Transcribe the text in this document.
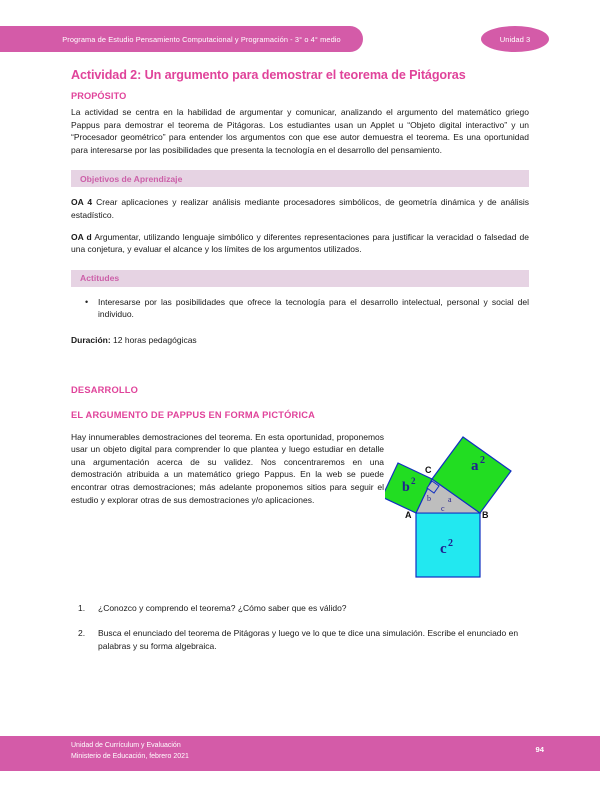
Programa de Estudio Pensamiento Computacional y Programación - 3° o 4° medio	Unidad 3
Actividad 2: Un argumento para demostrar el teorema de Pitágoras
PROPÓSITO

La actividad se centra en la habilidad de argumentar y comunicar, analizando el argumento del matemático griego Pappus para demostrar el teorema de Pitágoras. Los estudiantes usan un Applet u “Objeto digital interactivo” y un “Procesador geométrico” para entender los argumentos con que ese autor demuestra el teorema. Es una oportunidad para interesarse por las posibilidades que presenta la tecnología en el desarrollo del pensamiento.

Objetivos de Aprendizaje

OA 4 Crear aplicaciones y realizar análisis mediante procesadores simbólicos, de geometría dinámica y de análisis estadístico.

OA d Argumentar, utilizando lenguaje simbólico y diferentes representaciones para justificar la veracidad o falsedad de una conjetura, y evaluar el alcance y los límites de los argumentos utilizados.

Actitudes
• Interesarse por las posibilidades que ofrece la tecnología para el desarrollo intelectual, personal y social del individuo.

Duración: 12 horas pedagógicas

DESARROLLO
EL ARGUMENTO DE PAPPUS EN FORMA PICTÓRICA
Hay innumerables demostraciones del teorema. En esta oportunidad, proponemos usar un objeto digital para comprender lo que plantea y luego estudiar en detalle una argumentación acerca de su validez. Nos concentraremos en una demostración atribuida a un matemático griego Pappus. En la web se puede encontrar otras demostraciones; más adelante proponemos sitios para seguir el estudio y explorar otras de sus demostraciones y/o aplicaciones.
a 2
b 2
c 2
A	B
C
a
b
c
¿Conozco y comprendo el teorema? ¿Cómo saber que es válido?
Busca el enunciado del teorema de Pitágoras y luego ve lo que te dice una simulación. Escribe el enunciado en palabras y su forma algebraica.
Unidad de Currículum y Evaluación
Ministerio de Educación, febrero 2021
94
